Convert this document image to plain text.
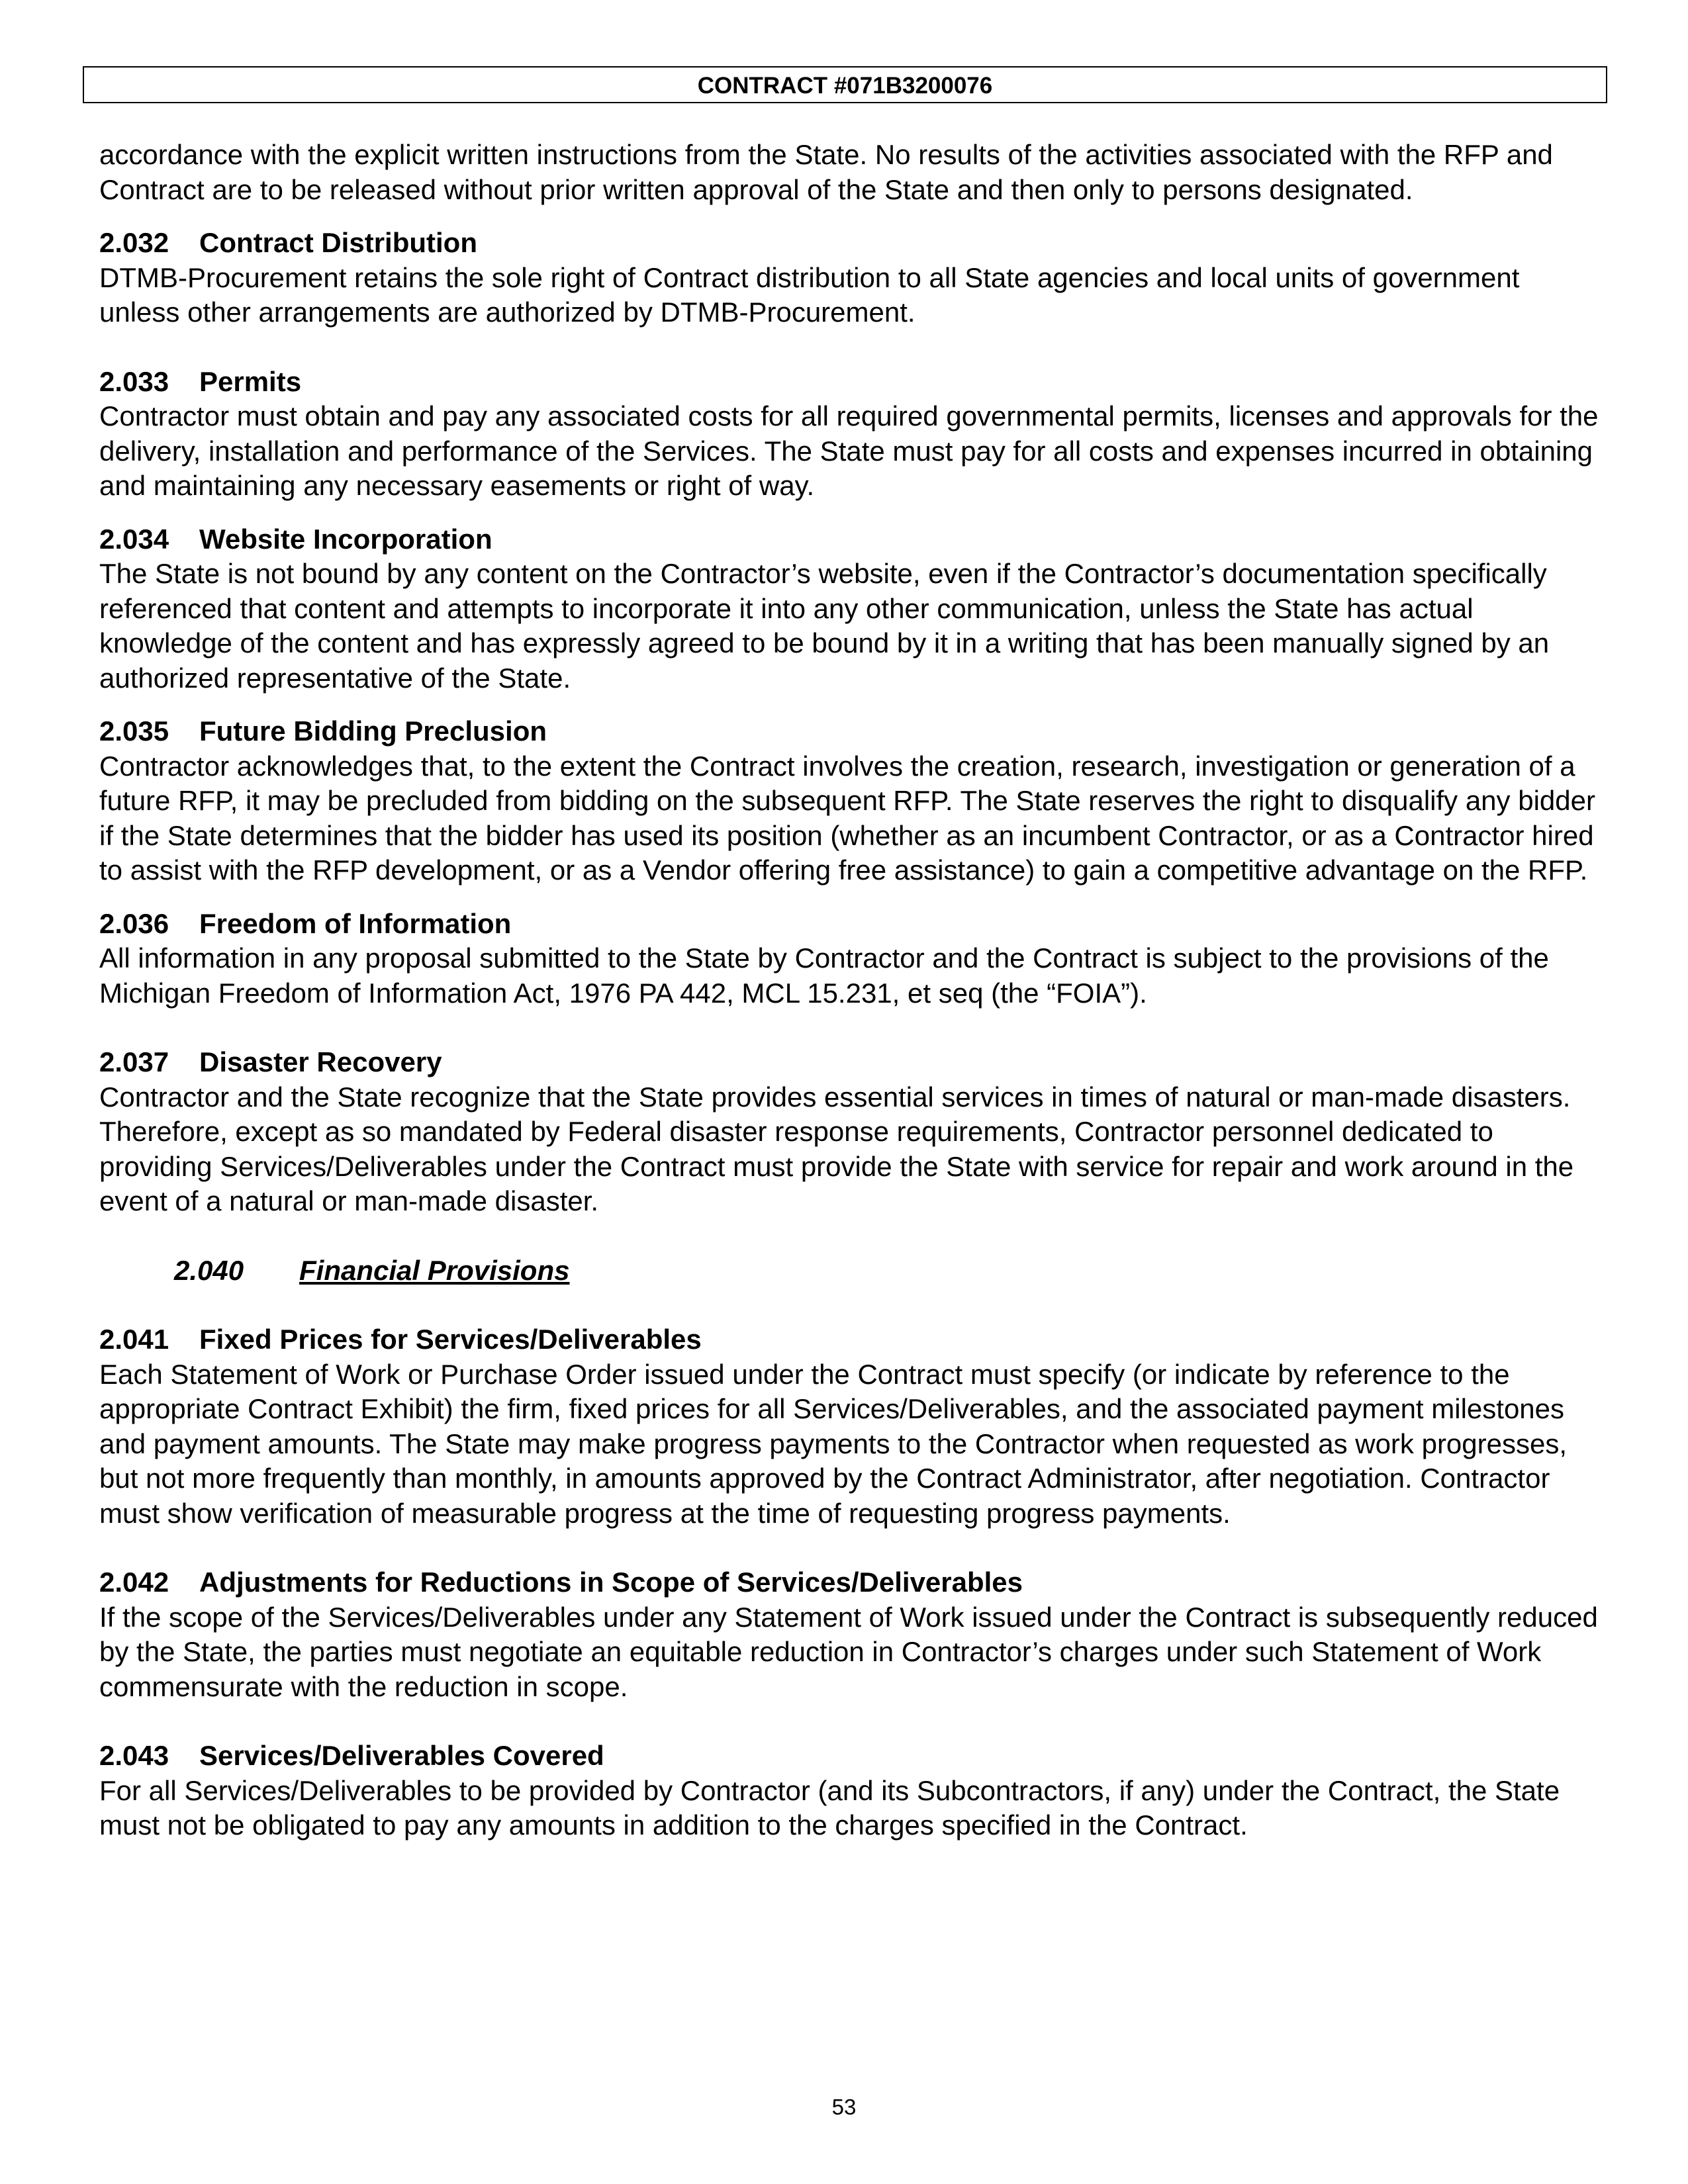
CONTRACT #071B3200076

accordance with the explicit written instructions from the State. No results of the activities associated with the RFP and Contract are to be released without prior written approval of the State and then only to persons designated.

2.032 Contract Distribution

DTMB-Procurement retains the sole right of Contract distribution to all State agencies and local units of government unless other arrangements are authorized by DTMB-Procurement.

2.033 Permits

Contractor must obtain and pay any associated costs for all required governmental permits, licenses and approvals for the delivery, installation and performance of the Services. The State must pay for all costs and expenses incurred in obtaining and maintaining any necessary easements or right of way.

2.034 Website Incorporation

The State is not bound by any content on the Contractor’s website, even if the Contractor’s documentation specifically referenced that content and attempts to incorporate it into any other communication, unless the State has actual knowledge of the content and has expressly agreed to be bound by it in a writing that has been manually signed by an authorized representative of the State.

2.035 Future Bidding Preclusion

Contractor acknowledges that, to the extent the Contract involves the creation, research, investigation or generation of a future RFP, it may be precluded from bidding on the subsequent RFP. The State reserves the right to disqualify any bidder if the State determines that the bidder has used its position (whether as an incumbent Contractor, or as a Contractor hired to assist with the RFP development, or as a Vendor offering free assistance) to gain a competitive advantage on the RFP.

2.036 Freedom of Information

All information in any proposal submitted to the State by Contractor and the Contract is subject to the provisions of the Michigan Freedom of Information Act, 1976 PA 442, MCL 15.231, et seq (the “FOIA”).

2.037 Disaster Recovery

Contractor and the State recognize that the State provides essential services in times of natural or man-made disasters. Therefore, except as so mandated by Federal disaster response requirements, Contractor personnel dedicated to providing Services/Deliverables under the Contract must provide the State with service for repair and work around in the event of a natural or man-made disaster.

2.040 Financial Provisions

2.041 Fixed Prices for Services/Deliverables

Each Statement of Work or Purchase Order issued under the Contract must specify (or indicate by reference to the appropriate Contract Exhibit) the firm, fixed prices for all Services/Deliverables, and the associated payment milestones and payment amounts. The State may make progress payments to the Contractor when requested as work progresses, but not more frequently than monthly, in amounts approved by the Contract Administrator, after negotiation. Contractor must show verification of measurable progress at the time of requesting progress payments.

2.042 Adjustments for Reductions in Scope of Services/Deliverables

If the scope of the Services/Deliverables under any Statement of Work issued under the Contract is subsequently reduced by the State, the parties must negotiate an equitable reduction in Contractor’s charges under such Statement of Work commensurate with the reduction in scope.

2.043 Services/Deliverables Covered

For all Services/Deliverables to be provided by Contractor (and its Subcontractors, if any) under the Contract, the State must not be obligated to pay any amounts in addition to the charges specified in the Contract.

53
